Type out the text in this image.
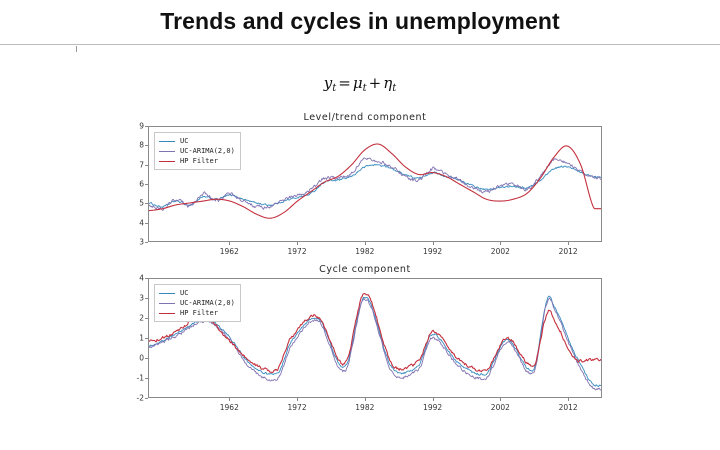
Trends and cycles in unemployment
$y_t = \mu_t + \eta_t$
Level/trend component
3
4
5
6
7
8
9
1962	1972	1982	1992	2002	2012
UC
UC-ARIMA(2,0)
HP Filter
Cycle component
-2
-1
0
1
2
3
4
1962	1972	1982	1992	2002	2012
UC
UC-ARIMA(2,0)
HP Filter
